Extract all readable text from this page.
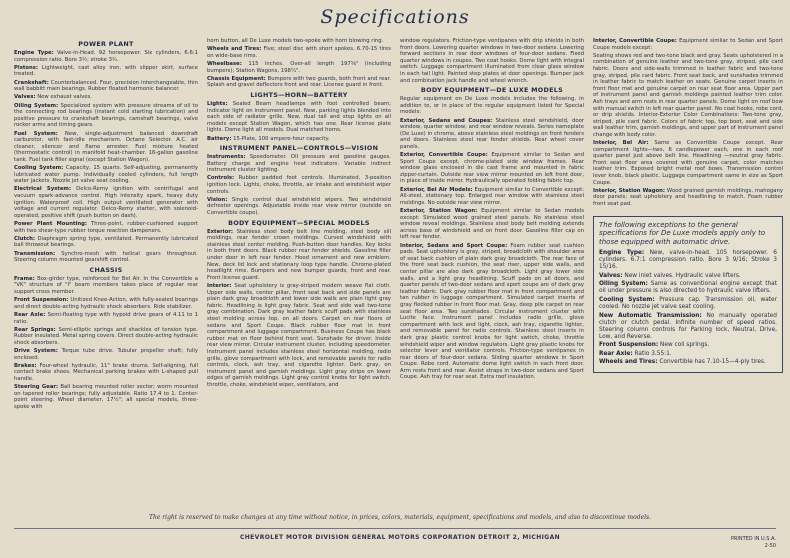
Specifications
POWER PLANT

Engine Type: Valve-in-Head. 92 horsepower. Six cylinders, 6.6:1 compression ratio. Bore 3½; stroke 3¾.

Pistons: Lightweight, cast alloy iron, with slipper skirt, surface treated.

Crankshaft: Counterbalanced. Four, precision interchangeable, thin wall babbitt main bearings. Rubber floated harmonic balancer.

Valves: New exhaust valves.

Oiling System: Specialized system with pressure streams of oil to the connecting rod bearings (instant cold starting lubrication) and positive pressure to crankshaft bearings, camshaft bearings, valve rocker arms and timing gears.

Fuel System: New, single-adjustment balanced downdraft carburetor, with fast-idle mechanism. Octane Selector. A.C. air cleaner, silencer and flame arrester. Fuel mixture heated (thermostatic control) in manifold heat-chamber. 16-gallon gasoline tank. Fuel tank filler signal (except Station Wagon).

Cooling System: Capacity, 15 quarts. Self-adjusting, permanently lubricated water pump. Individually cooled cylinders, full length water jackets. Nozzle jet valve seat cooling.

Electrical System: Delco-Remy ignition with centrifugal and vacuum spark-advance control. High intensity spark, heavy duty ignition. Waterproof coil. High output ventilated generator with voltage and current regulator. Delco-Remy starter, with solenoid-operated, positive shift (push button on dash).

Power Plant Mounting: Three-point, rubber-cushioned support with two shear-type rubber torque reaction dampeners.

Clutch: Diaphragm spring type, ventilated. Permanently lubricated ball throwout bearings.

Transmission: Synchro-mesh with helical gears throughout. Steering column mounted gearshift control.

CHASSIS

Frame: Box-girder type, reinforced for Bel Air. In the Convertible a "VK" structure of "I" beam members takes place of regular rear support cross member.

Front Suspension: Unitized Knee-Action, with fully-sealed bearings and direct double-acting hydraulic shock absorbers. Ride stabilizer.

Rear Axle: Semi-floating type with hypoid drive gears of 4.11 to 1 ratio.

Rear Springs: Semi-elliptic springs and shackles of tension type. Rubber insulated. Metal spring covers. Direct double-acting hydraulic shock absorbers.

Drive System: Torque tube drive. Tubular propeller shaft; fully enclosed.

Brakes: Four-wheel hydraulic, 11" brake drums. Self-aligning, full contact brake shoes. Mechanical parking brakes with L-shaped pull handle.

Steering Gear: Ball bearing mounted roller sector; worm mounted on tapered roller bearings; fully adjustable. Ratio 17.4 to 1. Center-point steering. Wheel diameter, 17¼"; all special models, three-spoke with

horn button, all De Luxe models two-spoke with horn blowing ring.

Wheels and Tires: Five; steel disc with short spokes. 6.70-15 tires on wide-base rims.

Wheelbase: 115 inches. Over-all length 197⅝" (including bumpers); Station Wagons, 198¼".

Chassis Equipment: Bumpers with two guards, both front and rear. Splash and gravel deflectors front and rear. License guard in front.

LIGHTS—HORN—BATTERY

Lights: Sealed Beam headlamps with foot controlled beam; indicator light on instrument panel. New, parking lights blended into each side of radiator grille. New, dual tail and stop lights on all models except Station Wagon, which has one. Rear license plate lights. Dome light all models. Dual matched horns.

Battery: 15-Plate, 100 ampere-hour capacity.

INSTRUMENT PANEL—CONTROLS—VISION

Instruments: Speedometer. Oil pressure and gasoline gauges. Battery charge and engine heat indicators. Variable indirect instrument cluster lighting.

Controls: Rubber padded foot controls. Illuminated, 3-position ignition lock. Lights, choke, throttle, air intake and windshield wiper controls.

Vision: Single control dual windshield wipers. Two windshield defroster openings. Adjustable inside rear view mirror (outside on Convertible coupe).

BODY EQUIPMENT—SPECIAL MODELS

Exterior: Stainless steel body belt line molding, steel body sill moldings, rear fender crown moldings. Curved windshield with stainless steel center molding. Push-button door handles. Key locks in both front doors. Black rubber rear fender shields. Gasoline filler under door in left rear fender. Hood ornament and new emblem. New, deck lid lock and stationary loop type handle. Chrome-plated headlight rims. Bumpers and new bumper guards, front and rear. Front license guard.

Interior: Seat upholstery is gray-striped modern weave flat cloth. Upper side walls, center pillar, front seat back and side panels are plain dark gray broadcloth and lower side walls are plain light gray fabric. Headlining is light gray fabric. Seat and side wall two-tone gray combination. Dark gray leather fabric scuff pads with stainless steel molding across top, on all doors. Carpet on rear floors of sedans and Sport Coupe. Black rubber floor mat in front compartment and luggage compartment. Business Coupe has black rubber mat on floor behind front seat. Sunshade for driver. Inside rear view mirror. Circular instrument cluster, including speedometer. Instrument panel includes stainless steel horizontal molding, radio grille, glove compartment with lock, and removable panels for radio controls, clock, ash tray, and cigarette lighter. Dark gray, on instrument panel and garnish moldings. Light gray stripe on lower edges of garnish moldings. Light gray control knobs for light switch, throttle, choke, windshield wiper, ventilators, and

window regulators. Friction-type ventipanes with drip shields in both front doors. Lowering quarter windows in two-door sedans. Lowering forward sections in rear door windows of four-door sedans. Fixed quarter windows in coupes. Two coat hooks. Dome light with integral switch. Luggage compartment illuminated from clear glass window in each tail light. Painted step plates at door openings. Bumper jack and combination jack handle and wheel wrench.

BODY EQUIPMENT—DE LUXE MODELS

Regular equipment on De Luxe models includes the following, in addition to, or in place of the regular equipment listed for Special models:

Exterior, Sedans and Coupes: Stainless steel windshield, door window, quarter window, and rear window reveals. Series nameplate (De Luxe) in chrome, above stainless steel moldings on front fenders and doors. Stainless steel rear fender shields. Rear wheel cover panels.

Exterior, Convertible Coupe: Equipment similar to Sedan and Sport Coupe except, chrome-plated side window frames. Rear window glass enclosed in die cast frame and mounted in fabric zipper-curtain. Outside rear view mirror mounted on left front door, in place of inside mirror. Hydraulically operated folding fabric top.

Exterior, Bel Air Models: Equipment similar to Convertible except: All-steel, stationary top. Enlarged rear window with stainless steel moldings. No outside rear view mirror.

Exterior, Station Wagon: Equipment similar to Sedan models except: Simulated wood grained steel panels. No stainless steel window reveal moldings. Stainless steel body belt molding extends across base of windshield and on front door. Gasoline filler cap on left rear fender.

Interior, Sedans and Sport Coupe: Foam rubber seat cushion pads. Seat upholstery is gray, striped, broadcloth with shoulder area of seat back cushion of plain dark gray broadcloth. The rear face of the front seat back cushion, the seat riser, upper side walls, and center pillar are also dark gray broadcloth. Light gray lower side walls, and a light gray headlining. Scuff pads on all doors, and quarter panels of two-door sedans and sport coupe are of dark gray leather fabric. Dark gray rubber floor mat in front compartment and tan rubber in luggage compartment. Simulated carpet inserts of gray flecked rubber in front floor mat. Gray, deep pile carpet on rear seat floor area. Two sunshades. Circular instrument cluster with Lucite face. Instrument panel includes radio grille, glove compartment with lock and light, clock, ash tray, cigarette lighter, and removable panel for radio controls. Stainless steel inserts in dark gray plastic control knobs for light switch, choke, throttle windshield wiper and window regulators. Light gray plastic knobs for selector lever and ventilator controls. Friction-type ventipanes in rear doors of four-door sedans. Sliding quarter windows in Sport Coupe. Robe cord. Automatic dome light switch in each front door. Arm rests front and rear. Assist straps in two-door sedans and Sport Coupe. Ash tray for rear seat. Extra roof insulation.

Interior, Convertible Coupe: Equipment similar to Sedan and Sport Coupe models except:

Seating shows red and two-tone black and gray. Seats upholstered in a combination of genuine leather and two-tone gray, striped, pile card fabric. Doors and side-walls trimmed in leather fabric and two-tone gray, striped, pile card fabric. Front seat back, and sunshades trimmed in leather fabric to match leather on seats. Genuine carpet inserts in front floor mat and genuine carpet on rear seat floor area. Upper part of instrument panel and garnish moldings painted leather trim color. Ash trays and arm rests in rear quarter panels. Dome light on roof bow with manual switch in left rear quarter panel. No coat hooks, robe cord, or drip shields. Interior-Exterior Color Combinations: Two-tone gray, striped, pile card fabric. Colors of fabric top, top boot, seat and side wall leather trim, garnish moldings, and upper part of instrument panel change with body color.

Interior, Bel Air: Same as Convertible Coupe except. Rear compartment lights—two, 6 candlepower each, one in each roof quarter panel just above belt line. Headlining —neutral gray fabric. Front seat floor area covered with genuine carpet, color matches leather trim. Exposed bright metal roof bows. Transmission control lever knob, black plastic. Luggage compartment same in size as Sport Coupe.

Interior, Station Wagon: Wood grained garnish moldings, mahogany door panels; seat upholstery and headlining to match. Foam rubber front seat pad.

The following exceptions to the general specifications for De Luxe models apply only to those equipped with automatic drive.

Engine Type: New, valve-in-head. 105 horsepower. 6 cylinders. 6.7:1 compression ratio. Bore 3 9/16; Stroke 3 15/16.

Valves: New inlet valves. Hydraulic valve lifters.

Oiling System: Same as conventional engine except that oil under pressure is also directed to hydraulic valve lifters.

Cooling System: Pressure cap. Transmission oil, water cooled. No nozzle jet valve seat cooling.

New Automatic Transmission: No manually operated clutch or clutch pedal. Infinite number of speed ratios. Steering column controls for Parking lock, Neutral, Drive, Low, and Reverse.

Front Suspension: New coil springs.

Rear Axle: Ratio 3.55:1.

Wheels and Tires: Convertible has 7.10-15—4-ply tires.

The right is reserved to make changes at any time without notice, in prices, colors, materials, equipment, specifications and models, and also to discontinue models.
CHEVROLET MOTOR DIVISION GENERAL MOTORS CORPORATION DETROIT 2, MICHIGAN	PRINTED IN U.S.A.
2-50
